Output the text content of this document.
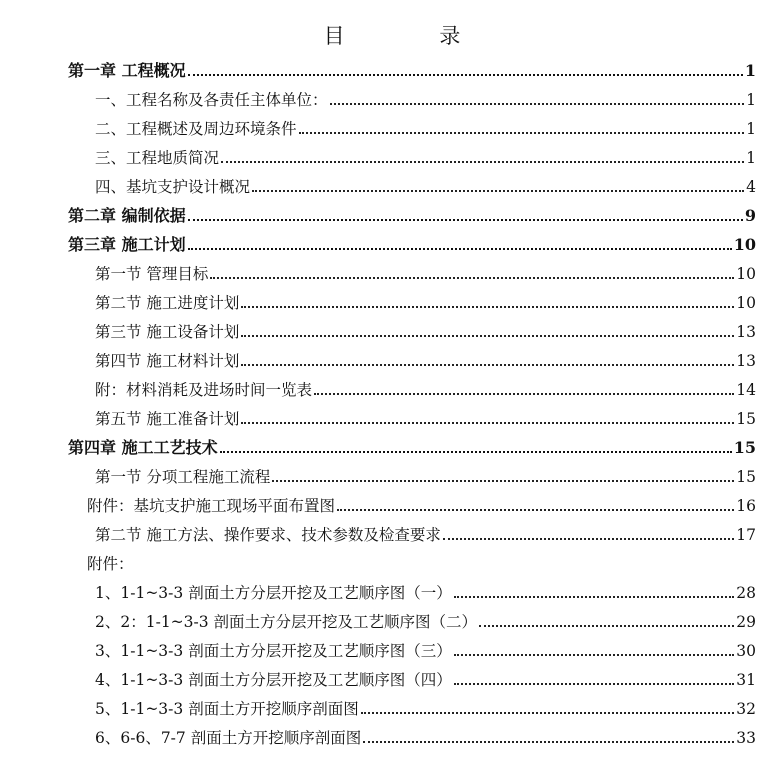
目 录
第一章 工程概况	1
一、工程名称及各责任主体单位：	1
二、工程概述及周边环境条件	1
三、工程地质简况	1
四、基坑支护设计概况	4
第二章 编制依据	9
第三章 施工计划	10
第一节 管理目标	10
第二节 施工进度计划	10
第三节 施工设备计划	13
第四节 施工材料计划	13
附：材料消耗及进场时间一览表	14
第五节 施工准备计划	15
第四章 施工工艺技术	15
第一节 分项工程施工流程	15
附件：基坑支护施工现场平面布置图	16
第二节 施工方法、操作要求、技术参数及检查要求	17
附件：
1、1-1~3-3 剖面土方分层开挖及工艺顺序图（一）	28
2、2：1-1~3-3 剖面土方分层开挖及工艺顺序图（二）	29
3、1-1~3-3 剖面土方分层开挖及工艺顺序图（三）	30
4、1-1~3-3 剖面土方分层开挖及工艺顺序图（四）	31
5、1-1~3-3 剖面土方开挖顺序剖面图	32
6、6-6、7-7 剖面土方开挖顺序剖面图	33
